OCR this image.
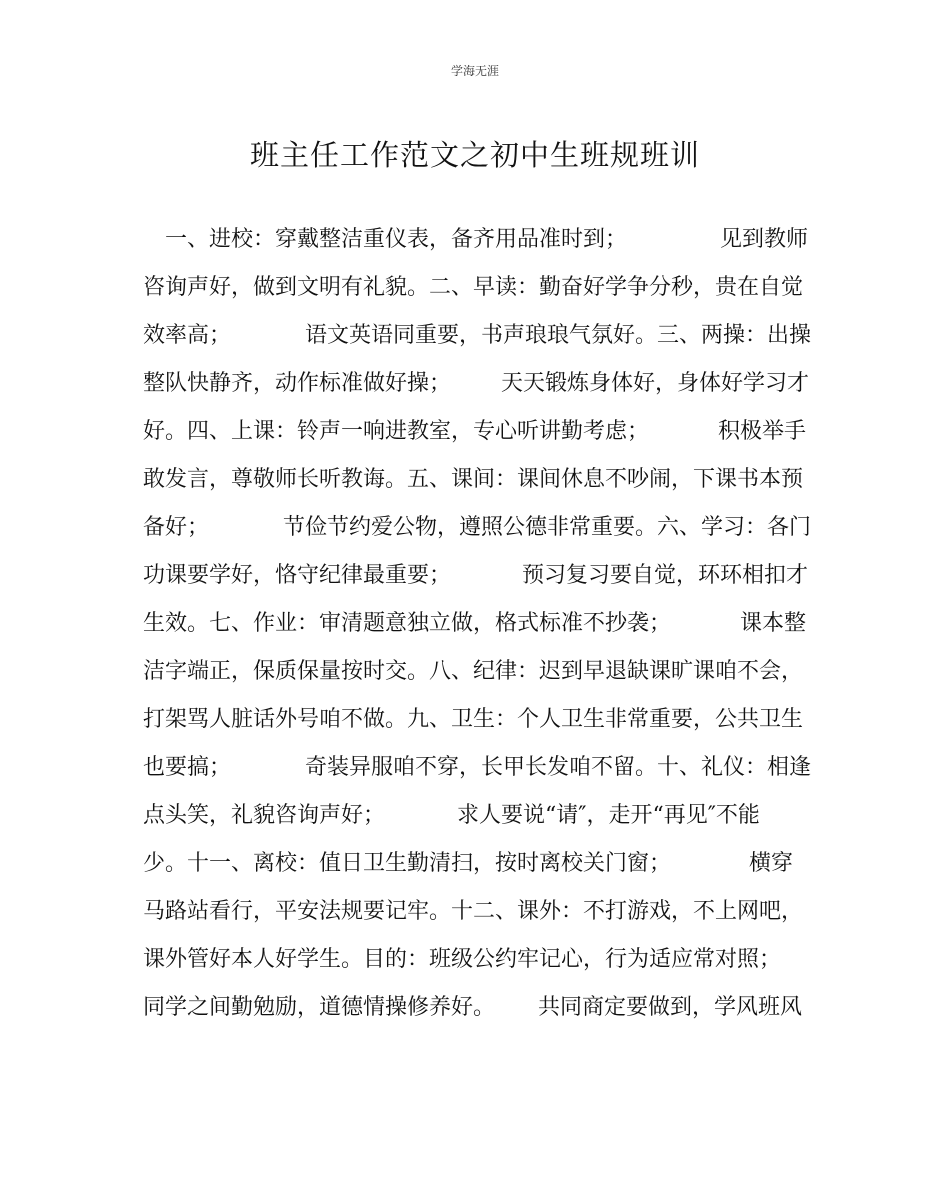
学海无涯
班主任工作范文之初中生班规班训
　一、进校：穿戴整洁重仪表，备齐用品准时到；	见到教师
咨询声好，做到文明有礼貌。二、早读：勤奋好学争分秒，贵在自觉
效率高；	语文英语同重要，书声琅琅气氛好。三、两操：出操
整队快静齐，动作标准做好操； 天天锻炼身体好，身体好学习才
好。四、上课：铃声一响进教室，专心听讲勤考虑；	积极举手
敢发言，尊敬师长听教诲。五、课间：课间休息不吵闹，下课书本预
备好；	节俭节约爱公物，遵照公德非常重要。六、学习：各门
功课要学好，恪守纪律最重要；	预习复习要自觉，环环相扣才
生效。七、作业：审清题意独立做，格式标准不抄袭；	课本整
洁字端正，保质保量按时交。八、纪律：迟到早退缺课旷课咱不会，
打架骂人脏话外号咱不做。九、卫生：个人卫生非常重要，公共卫生
也要搞；	奇装异服咱不穿，长甲长发咱不留。十、礼仪：相逢
点头笑，礼貌咨询声好；	求人要说“请″，走开“再见″不能
少。十一、离校：值日卫生勤清扫，按时离校关门窗；	横穿
马路站看行，平安法规要记牢。十二、课外：不打游戏，不上网吧，
课外管好本人好学生。目的：班级公约牢记心，行为适应常对照；
同学之间勤勉励，道德情操修养好。 共同商定要做到，学风班风
